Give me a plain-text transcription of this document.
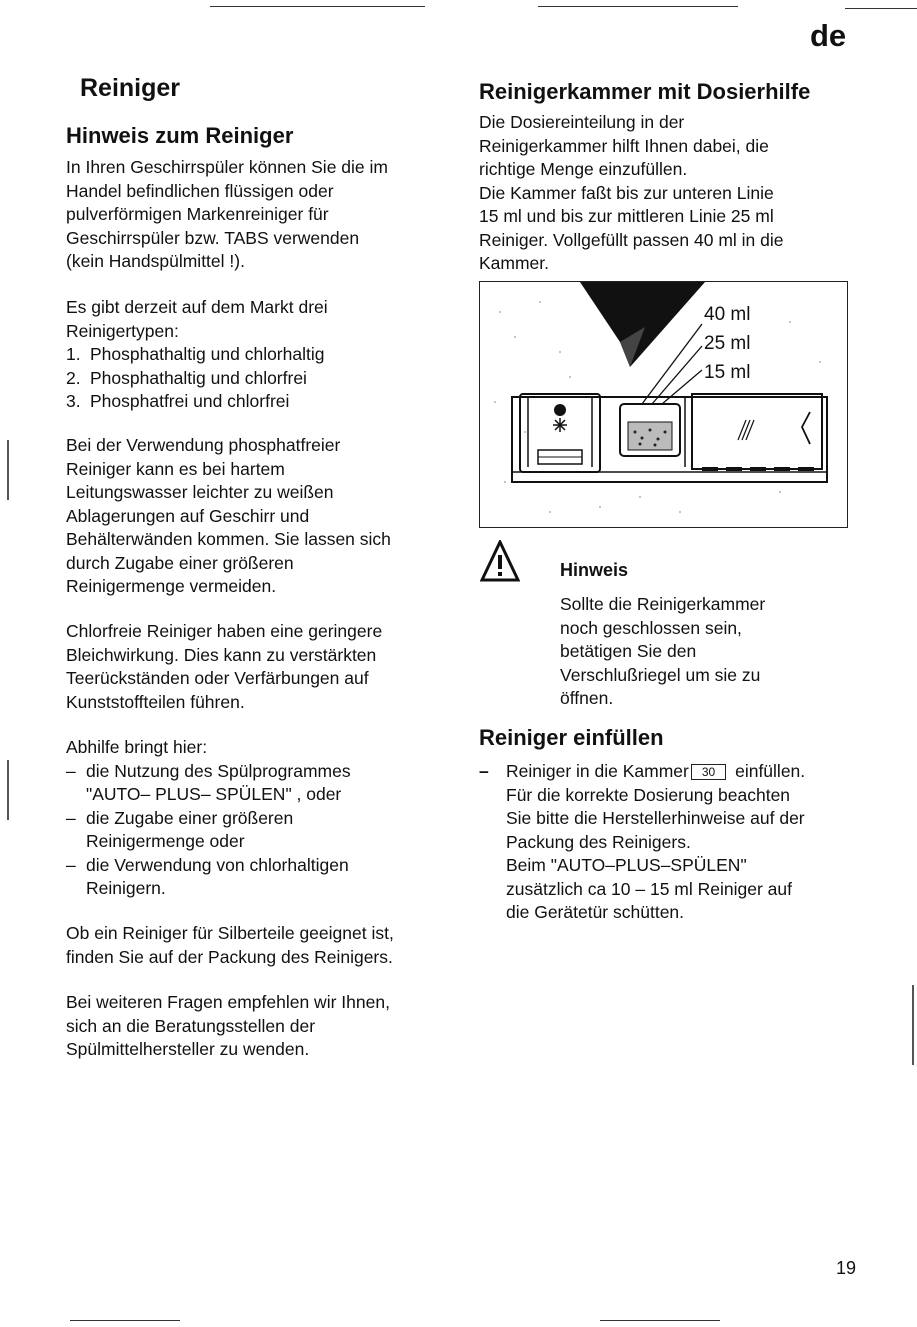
de
Reiniger
Hinweis zum Reiniger
In Ihren Geschirrspüler können Sie die im
Handel befindlichen flüssigen oder
pulverförmigen Markenreiniger für
Geschirrspüler bzw. TABS verwenden
(kein Handspülmittel !).
Es gibt derzeit auf dem Markt drei
Reinigertypen:
1. Phosphathaltig und chlorhaltig
2. Phosphathaltig und chlorfrei
3. Phosphatfrei und chlorfrei
Bei der Verwendung phosphatfreier
Reiniger kann es bei hartem
Leitungswasser leichter zu weißen
Ablagerungen auf Geschirr und
Behälterwänden kommen. Sie lassen sich
durch Zugabe einer größeren
Reinigermenge vermeiden.
Chlorfreie Reiniger haben eine geringere
Bleichwirkung. Dies kann zu verstärkten
Teerückständen oder Verfärbungen auf
Kunststoffteilen führen.
Abhilfe bringt hier:
– die Nutzung des Spülprogrammes
"AUTO– PLUS– SPÜLEN" , oder
– die Zugabe einer größeren
Reinigermenge oder
– die Verwendung von chlorhaltigen
Reinigern.
Ob ein Reiniger für Silberteile geeignet ist,
finden Sie auf der Packung des Reinigers.
Bei weiteren Fragen empfehlen wir Ihnen,
sich an die Beratungsstellen der
Spülmittelhersteller zu wenden.
Reinigerkammer mit Dosierhilfe
Die Dosiereinteilung in der
Reinigerkammer hilft Ihnen dabei, die
richtige Menge einzufüllen.
Die Kammer faßt bis zur unteren Linie
15 ml und bis zur mittleren Linie 25 ml
Reiniger. Vollgefüllt passen 40 ml in die
Kammer.
40 ml
25 ml
15 ml
Hinweis
Sollte die Reinigerkammer
noch geschlossen sein,
betätigen Sie den
Verschlußriegel um sie zu
öffnen.
Reiniger einfüllen
– Reiniger in die Kammer 30 einfüllen.
Für die korrekte Dosierung beachten
Sie bitte die Herstellerhinweise auf der
Packung des Reinigers.
Beim "AUTO–PLUS–SPÜLEN"
zusätzlich ca 10 – 15 ml Reiniger auf
die Gerätetür schütten.
19
